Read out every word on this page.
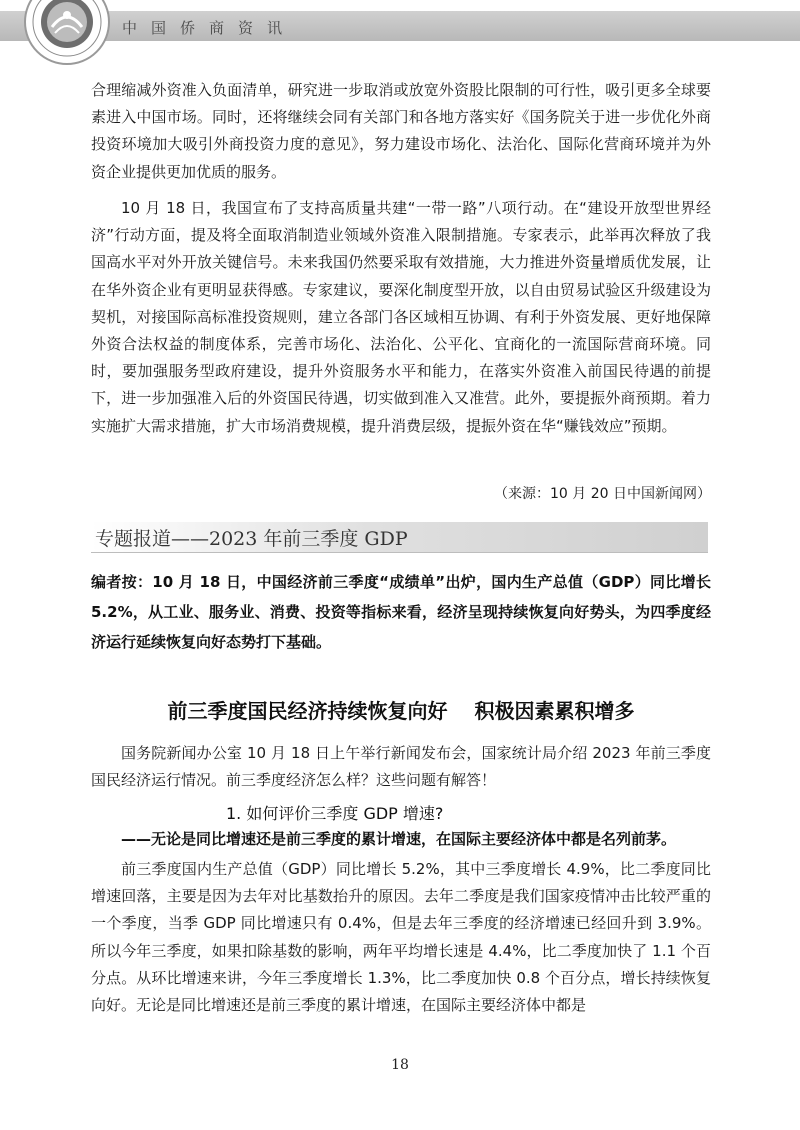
中国侨商资讯

合理缩减外资准入负面清单，研究进一步取消或放宽外资股比限制的可行性，吸引更多全球要素进入中国市场。同时，还将继续会同有关部门和各地方落实好《国务院关于进一步优化外商投资环境加大吸引外商投资力度的意见》，努力建设市场化、法治化、国际化营商环境并为外资企业提供更加优质的服务。

10 月 18 日，我国宣布了支持高质量共建“一带一路”八项行动。在“建设开放型世界经济”行动方面，提及将全面取消制造业领域外资准入限制措施。专家表示，此举再次释放了我国高水平对外开放关键信号。未来我国仍然要采取有效措施，大力推进外资量增质优发展，让在华外资企业有更明显获得感。专家建议，要深化制度型开放，以自由贸易试验区升级建设为契机，对接国际高标准投资规则，建立各部门各区域相互协调、有利于外资发展、更好地保障外资合法权益的制度体系，完善市场化、法治化、公平化、宜商化的一流国际营商环境。同时，要加强服务型政府建设，提升外资服务水平和能力，在落实外资准入前国民待遇的前提下，进一步加强准入后的外资国民待遇，切实做到准入又准营。此外，要提振外商预期。着力实施扩大需求措施，扩大市场消费规模，提升消费层级，提振外资在华“赚钱效应”预期。

（来源：10 月 20 日中国新闻网）
专题报道——2023 年前三季度 GDP

编者按：10 月 18 日，中国经济前三季度“成绩单”出炉，国内生产总值（GDP）同比增长 5.2%，从工业、服务业、消费、投资等指标来看，经济呈现持续恢复向好势头，为四季度经济运行延续恢复向好态势打下基础。

前三季度国民经济持续恢复向好 积极因素累积增多

国务院新闻办公室 10 月 18 日上午举行新闻发布会，国家统计局介绍 2023 年前三季度国民经济运行情况。前三季度经济怎么样？这些问题有解答！

1. 如何评价三季度 GDP 增速?
——无论是同比增速还是前三季度的累计增速，在国际主要经济体中都是名列前茅。

前三季度国内生产总值（GDP）同比增长 5.2%，其中三季度增长 4.9%，比二季度同比增速回落，主要是因为去年对比基数抬升的原因。去年二季度是我们国家疫情冲击比较严重的一个季度，当季 GDP 同比增速只有 0.4%，但是去年三季度的经济增速已经回升到 3.9%。所以今年三季度，如果扣除基数的影响，两年平均增长速是 4.4%，比二季度加快了 1.1 个百分点。从环比增速来讲，今年三季度增长 1.3%，比二季度加快 0.8 个百分点，增长持续恢复向好。无论是同比增速还是前三季度的累计增速，在国际主要经济体中都是

18
